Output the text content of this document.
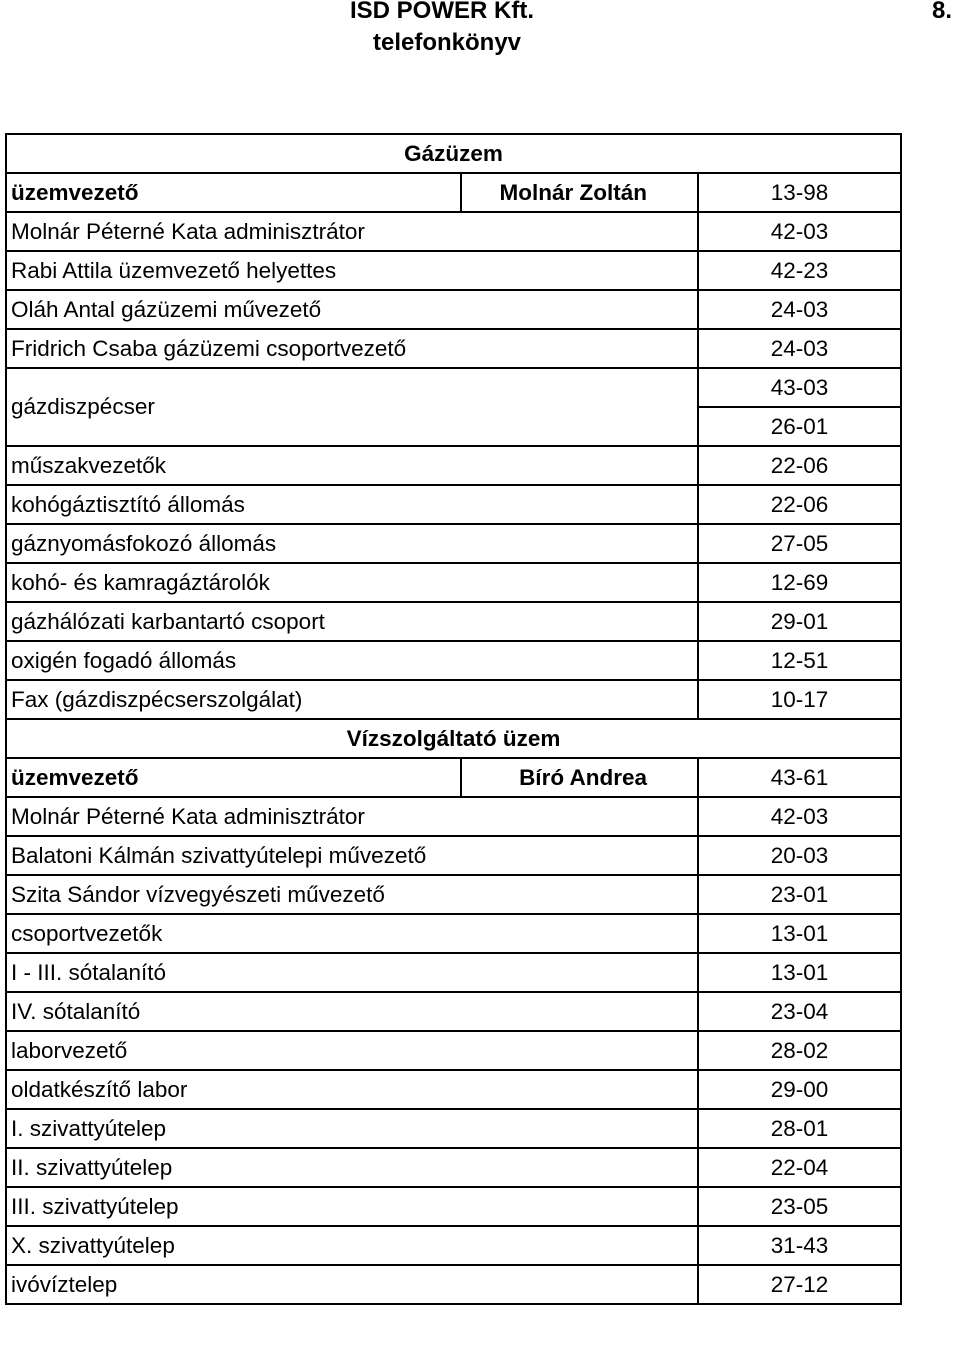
ISD POWER Kft.	8.
telefonkönyv
Gázüzem		
üzemvezető	Molnár Zoltán	13-98
Molnár Péterné Kata adminisztrátor		42-03
Rabi Attila üzemvezető helyettes		42-23
Oláh Antal gázüzemi művezető		24-03
Fridrich Csaba gázüzemi csoportvezető		24-03
gázdiszpécser		43-03
		26-01
műszakvezetők		22-06
kohógáztisztító állomás		22-06
gáznyomásfokozó állomás		27-05
kohó- és kamragáztárolók		12-69
gázhálózati karbantartó csoport		29-01
oxigén fogadó állomás		12-51
Fax (gázdiszpécserszolgálat)		10-17
Vízszolgáltató üzem		
üzemvezető	Bíró Andrea	43-61
Molnár Péterné Kata adminisztrátor		42-03
Balatoni Kálmán szivattyútelepi művezető		20-03
Szita Sándor vízvegyészeti művezető		23-01
csoportvezetők		13-01
I - III. sótalanító		13-01
IV. sótalanító		23-04
laborvezető		28-02
oldatkészítő labor		29-00
I. szivattyútelep		28-01
II. szivattyútelep		22-04
III. szivattyútelep		23-05
X. szivattyútelep		31-43
ivóvíztelep		27-12
